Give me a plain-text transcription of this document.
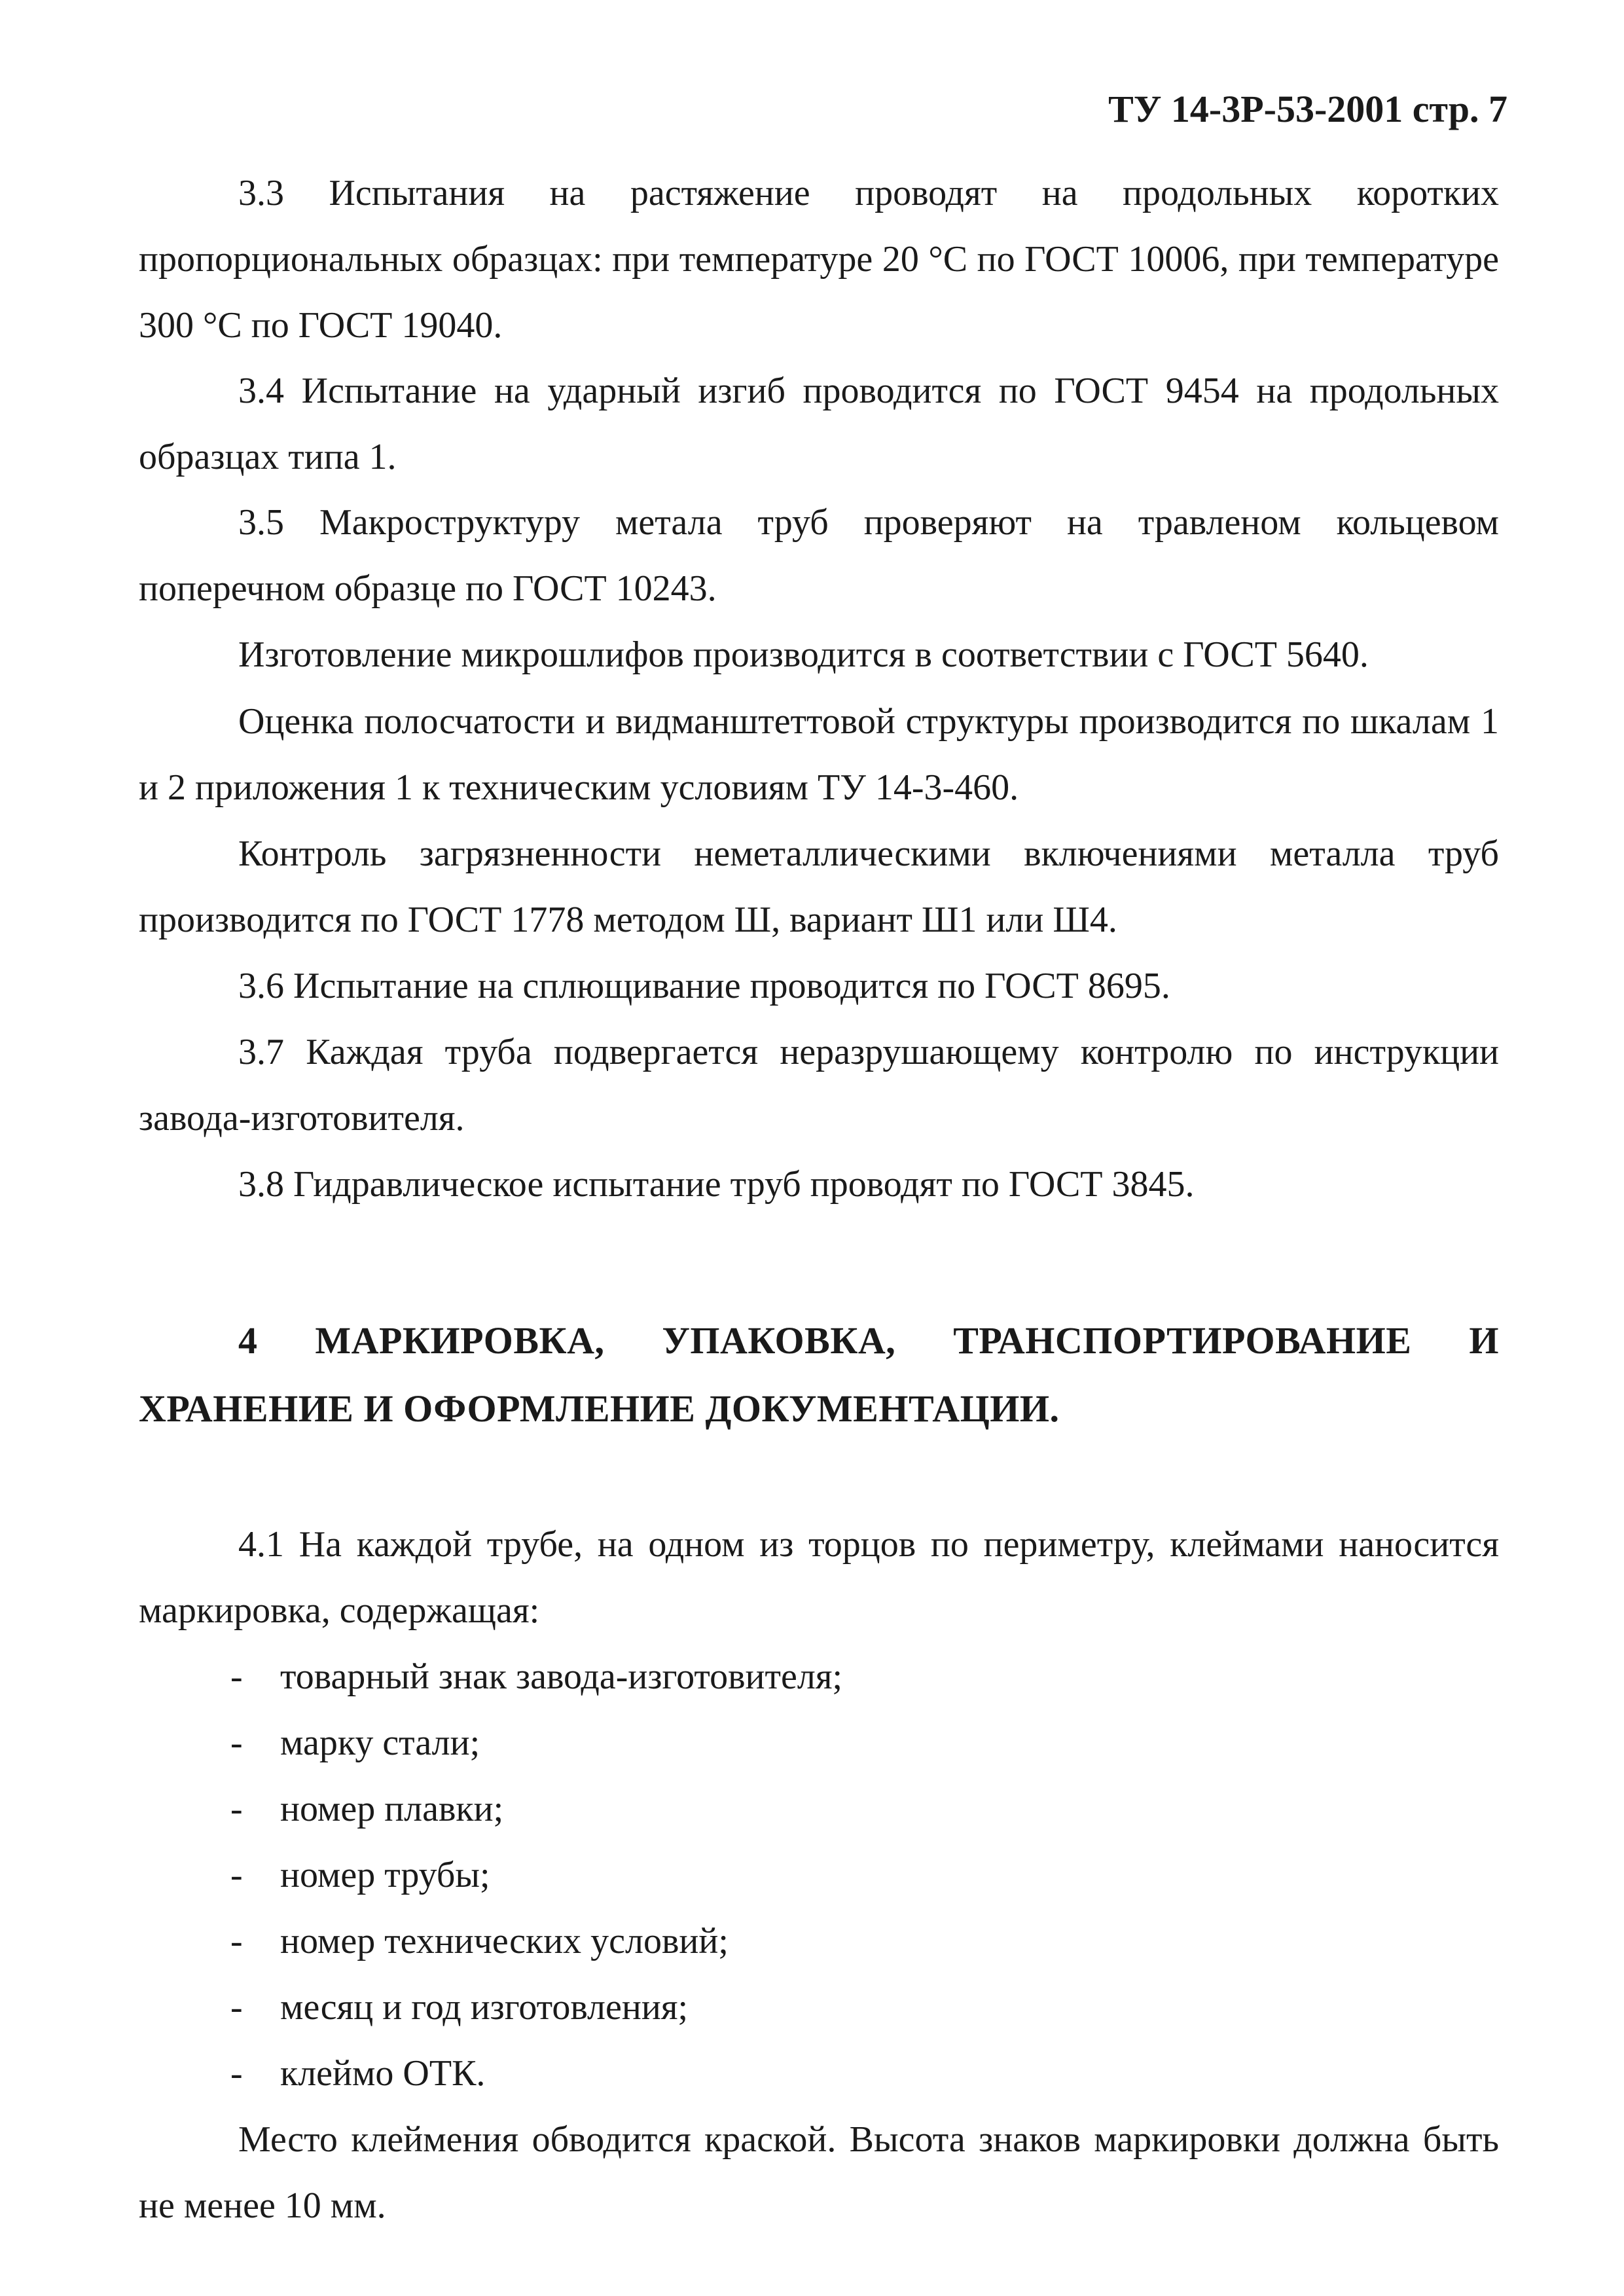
ТУ 14-3Р-53-2001 стр. 7
3.3 Испытания на растяжение проводят на продольных коротких пропорциональных образцах: при температуре 20 °С по ГОСТ 10006, при температуре 300 °С по ГОСТ 19040.
3.4 Испытание на ударный изгиб проводится по ГОСТ 9454 на продольных образцах типа 1.
3.5 Макроструктуру метала труб проверяют на травленом кольцевом поперечном образце по ГОСТ 10243.
Изготовление микрошлифов производится в соответствии с ГОСТ 5640.
Оценка полосчатости и видманштеттовой структуры производится по шкалам 1 и 2 приложения 1 к техническим условиям ТУ 14-3-460.
Контроль загрязненности неметаллическими включениями металла труб производится по ГОСТ 1778 методом Ш, вариант Ш1 или Ш4.
3.6 Испытание на сплющивание проводится по ГОСТ 8695.
3.7 Каждая труба подвергается неразрушающему контролю по инструкции завода-изготовителя.
3.8 Гидравлическое испытание труб проводят по ГОСТ 3845.
4 МАРКИРОВКА, УПАКОВКА, ТРАНСПОРТИРОВАНИЕ И ХРАНЕНИЕ И ОФОРМЛЕНИЕ ДОКУМЕНТАЦИИ.
4.1 На каждой трубе, на одном из торцов по периметру, клеймами наносится маркировка, содержащая:
- товарный знак завода-изготовителя;
- марку стали;
- номер плавки;
- номер трубы;
- номер технических условий;
- месяц и год изготовления;
- клеймо ОТК.
Место клеймения обводится краской. Высота знаков маркировки должна быть не менее 10 мм.
